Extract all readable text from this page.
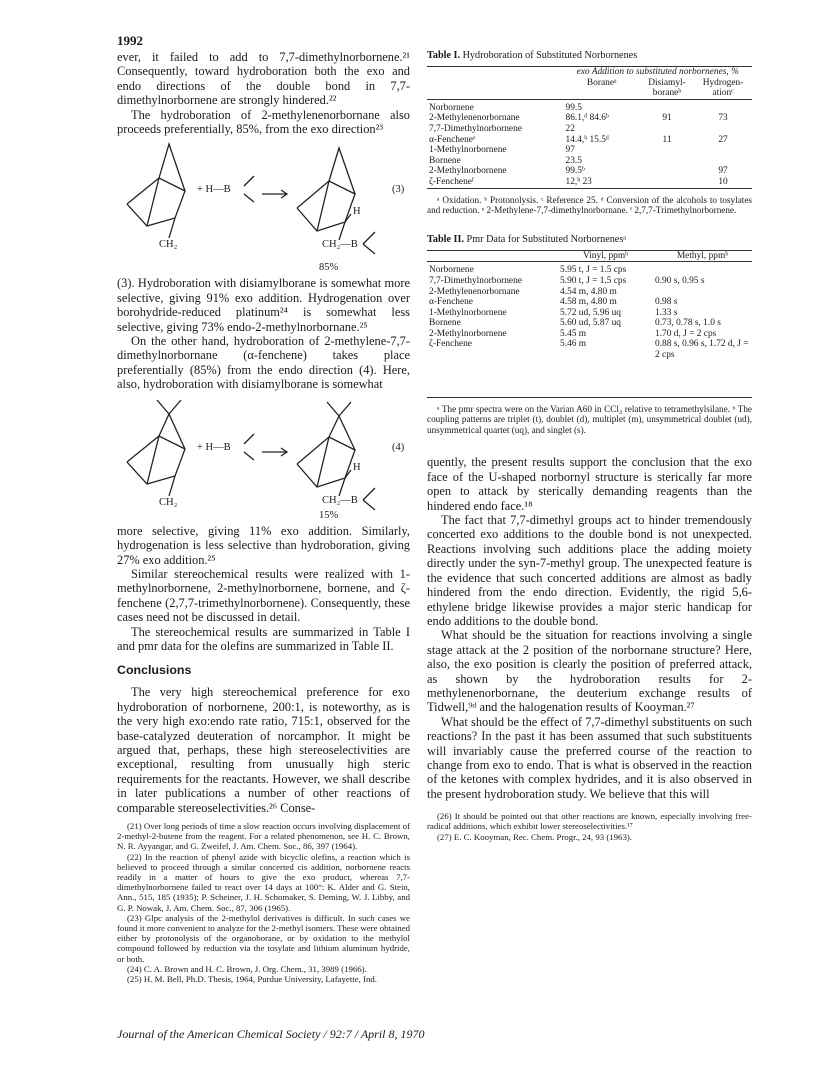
1992

ever, it failed to add to 7,7-dimethylnorbornene.²¹ Consequently, toward hydroboration both the exo and endo directions of the double bond in 7,7-dimethylnorbornene are strongly hindered.²²

The hydroboration of 2-methylenenorbornane also proceeds preferentially, 85%, from the exo direction²³

+ H—B
H
CH₂—B
CH₂
(3)
85%

(3). Hydroboration with disiamylborane is somewhat more selective, giving 91% exo addition. Hydrogenation over borohydride-reduced platinum²⁴ is somewhat less selective, giving 73% endo-2-methylnorbornane.²⁵

On the other hand, hydroboration of 2-methylene-7,7-dimethylnorbornane (α-fenchene) takes place preferentially (85%) from the endo direction (4). Here, also, hydroboration with disiamylborane is somewhat

+ H—B
H
CH₂—B
CH₂
(4)
15%

more selective, giving 11% exo addition. Similarly, hydrogenation is less selective than hydroboration, giving 27% exo addition.²⁵

Similar stereochemical results were realized with 1-methylnorbornene, 2-methylnorbornene, bornene, and ζ-fenchene (2,7,7-trimethylnorbornene). Consequently, these cases need not be discussed in detail.

The stereochemical results are summarized in Table I and pmr data for the olefins are summarized in Table II.

Conclusions

The very high stereochemical preference for exo hydroboration of norbornene, 200:1, is noteworthy, as is the very high exo:endo rate ratio, 715:1, observed for the base-catalyzed deuteration of norcamphor. It might be argued that, perhaps, these high stereoselectivities are exceptional, resulting from unusually high steric requirements for the reactants. However, we shall describe in later publications a number of other reactions of comparable stereoselectivities.²⁶ Conse-

(21) Over long periods of time a slow reaction occurs involving displacement of 2-methyl-2-butene from the reagent. For a related phenomenon, see H. C. Brown, N. R. Ayyangar, and G. Zweifel, J. Am. Chem. Soc., 86, 397 (1964).

(22) In the reaction of phenyl azide with bicyclic olefins, a reaction which is believed to proceed through a similar concerted cis addition, norbornene reacts readily in a matter of hours to give the exo product, whereas 7,7-dimethylnorbornene failed to react over 14 days at 100°: K. Alder and G. Stein, Ann., 515, 185 (1935); P. Scheiner, J. H. Schomaker, S. Deming, W. J. Libby, and G. P. Nowak, J. Am. Chem. Soc., 87, 306 (1965).

(23) Glpc analysis of the 2-methylol derivatives is difficult. In such cases we found it more convenient to analyze for the 2-methyl isomers. These were obtained either by protonolysis of the organoborane, or by oxidation to the methylol compound followed by reduction via the tosylate and lithium aluminum hydride, or both.

(24) C. A. Brown and H. C. Brown, J. Org. Chem., 31, 3989 (1966).

(25) H. M. Bell, Ph.D. Thesis, 1964, Purdue University, Lafayette, Ind.

Table I. Hydroboration of Substituted Norbornenes
	exo Addition to substituted norbornenes, %		
	Boraneᵃ	Disiamyl-boraneᵇ	Hydrogen-ationᶜ

Norbornene	99.5		
2-Methylenenorbornane	86.1,ᵈ 84.6ᵇ	91	73
7,7-Dimethylnorbornene	22		
α-Fencheneᵉ	14.4,ᵇ 15.5ᵈ	11	27
1-Methylnorbornene	97		
Bornene	23.5		
2-Methylnorbornene	99.5ᵇ		97
ζ-Fencheneᶠ	12,ᵇ 23		10

ᵃ Oxidation. ᵇ Protonolysis. ᶜ Reference 25. ᵈ Conversion of the alcohols to tosylates and reduction. ᵉ 2-Methylene-7,7-dimethylnorbornane. ᶠ 2,7,7-Trimethylnorbornene.

Table II. Pmr Data for Substituted Norbornenesᵃ
	Vinyl, ppmᵇ	Methyl, ppmᵇ

Norbornene	5.95 t, J = 1.5 cps	
7,7-Dimethylnorbornene	5.90 t, J = 1.5 cps	0.90 s, 0.95 s
2-Methylenenorbornane	4.54 m, 4.80 m	
α-Fenchene	4.58 m, 4.80 m	0.98 s
1-Methylnorbornene	5.72 ud, 5.96 uq	1.33 s
Bornene	5.60 ud, 5.87 uq	0.73, 0.78 s, 1.0 s
2-Methylnorbornene	5.45 m	1.70 d, J = 2 cps
ζ-Fenchene	5.46 m	0.88 s, 0.96 s, 1.72 d, J = 2 cps

ᵃ The pmr spectra were on the Varian A60 in CCl₄ relative to tetramethylsilane. ᵇ The coupling patterns are triplet (t), doublet (d), multiplet (m), unsymmetrical doublet (ud), unsymmetrical quartet (uq), and singlet (s).

quently, the present results support the conclusion that the exo face of the U-shaped norbornyl structure is sterically far more open to attack by sterically demanding reagents than the hindered endo face.¹⁸

The fact that 7,7-dimethyl groups act to hinder tremendously concerted exo additions to the double bond is not unexpected. Reactions involving such additions place the adding moiety directly under the syn-7-methyl group. The unexpected feature is the evidence that such concerted additions are almost as badly hindered from the endo direction. Evidently, the rigid 5,6-ethylene bridge likewise provides a major steric handicap for endo additions to the double bond.

What should be the situation for reactions involving a single stage attack at the 2 position of the norbornane structure? Here, also, the exo position is clearly the position of preferred attack, as shown by the hydroboration results for 2-methylenenorbornane, the deuterium exchange results of Tidwell,⁹ᵈ and the halogenation results of Kooyman.²⁷

What should be the effect of 7,7-dimethyl substituents on such reactions? In the past it has been assumed that such substituents will invariably cause the preferred course of the reaction to change from exo to endo. That is what is observed in the reaction of the ketones with complex hydrides, and it is also observed in the present hydroboration study. We believe that this will

(26) It should be pointed out that other reactions are known, especially involving free-radical additions, which exhibit lower stereoselectivities.¹⁷

(27) E. C. Kooyman, Rec. Chem. Progr., 24, 93 (1963).

Journal of the American Chemical Society / 92:7 / April 8, 1970
